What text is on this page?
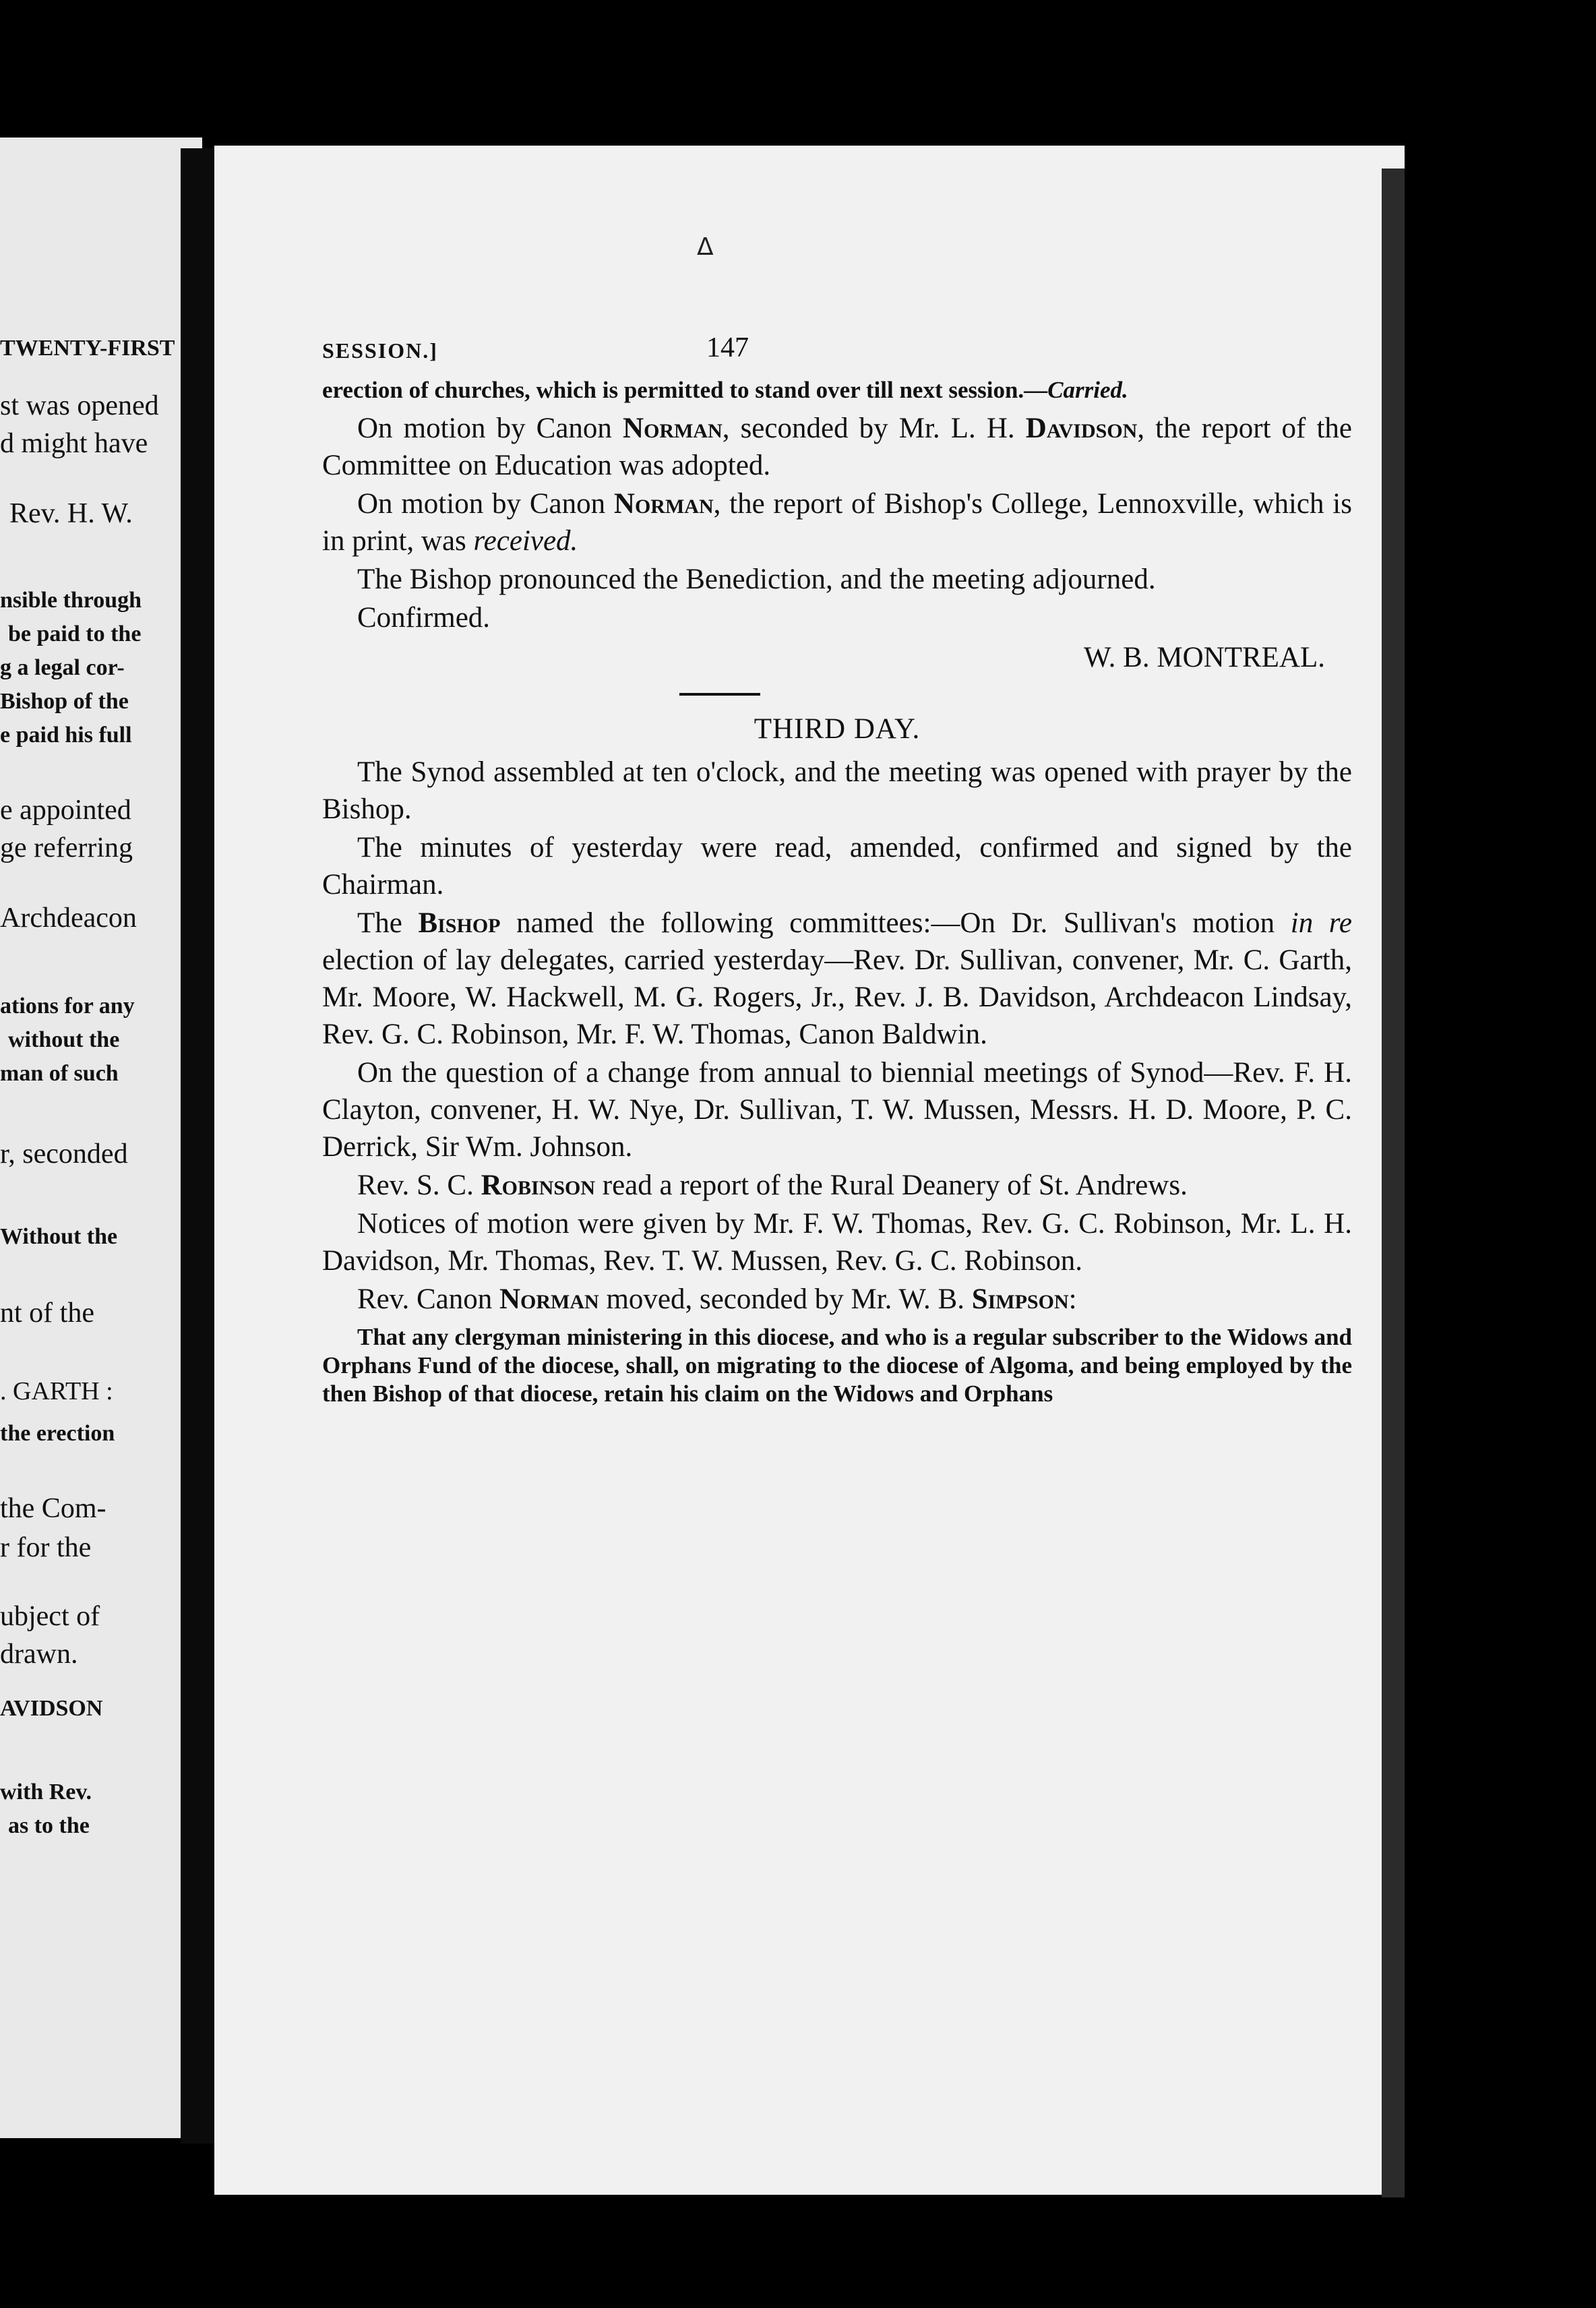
TWENTY-FIRST
st was opened
d might have
Rev. H. W.
nsible through
be paid to the
g a legal cor-
Bishop of the
e paid his full
e appointed
ge referring
Archdeacon
ations for any
without the
man of such
r, seconded
Without the
nt of the
. GARTH :
the erection
the Com-
r for the
ubject of
drawn.
AVIDSON
with Rev.
as to the
ᐃ
SESSION.]	147

erection of churches, which is permitted to stand over till next session.—Carried.

On motion by Canon Norman, seconded by Mr. L. H. Davidson, the report of the Committee on Education was adopted.

On motion by Canon Norman, the report of Bishop's College, Lennoxville, which is in print, was received.

The Bishop pronounced the Benediction, and the meeting adjourned.

Confirmed.

W. B. MONTREAL.
THIRD DAY.

The Synod assembled at ten o'clock, and the meeting was opened with prayer by the Bishop.

The minutes of yesterday were read, amended, confirmed and signed by the Chairman.

The Bishop named the following committees:—On Dr. Sullivan's motion in re election of lay delegates, carried yesterday—Rev. Dr. Sullivan, convener, Mr. C. Garth, Mr. Moore, W. Hackwell, M. G. Rogers, Jr., Rev. J. B. Davidson, Archdeacon Lindsay, Rev. G. C. Robinson, Mr. F. W. Thomas, Canon Baldwin.

On the question of a change from annual to biennial meetings of Synod—Rev. F. H. Clayton, convener, H. W. Nye, Dr. Sullivan, T. W. Mussen, Messrs. H. D. Moore, P. C. Derrick, Sir Wm. Johnson.

Rev. S. C. Robinson read a report of the Rural Deanery of St. Andrews.

Notices of motion were given by Mr. F. W. Thomas, Rev. G. C. Robinson, Mr. L. H. Davidson, Mr. Thomas, Rev. T. W. Mussen, Rev. G. C. Robinson.

Rev. Canon Norman moved, seconded by Mr. W. B. Simpson:

That any clergyman ministering in this diocese, and who is a regular subscriber to the Widows and Orphans Fund of the diocese, shall, on migrating to the diocese of Algoma, and being employed by the then Bishop of that diocese, retain his claim on the Widows and Orphans
